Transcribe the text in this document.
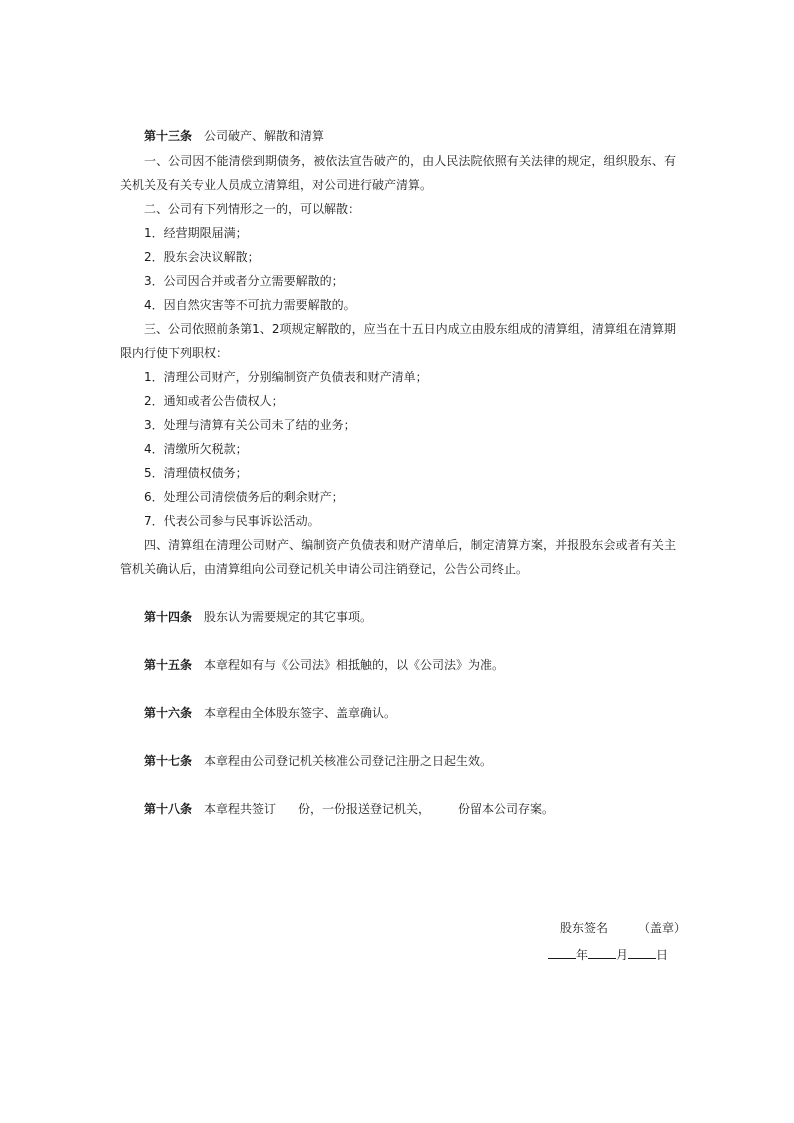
第十三条 公司破产、解散和清算
一、公司因不能清偿到期债务，被依法宣告破产的，由人民法院依照有关法律的规定，组织股东、有
关机关及有关专业人员成立清算组，对公司进行破产清算。
二、公司有下列情形之一的，可以解散：
1．经营期限届满；
2．股东会决议解散；
3．公司因合并或者分立需要解散的；
4．因自然灾害等不可抗力需要解散的。
三、公司依照前条第1、2项规定解散的，应当在十五日内成立由股东组成的清算组，清算组在清算期
限内行使下列职权：
1．清理公司财产，分别编制资产负债表和财产清单；
2．通知或者公告债权人；
3．处理与清算有关公司未了结的业务；
4．清缴所欠税款；
5．清理债权债务；
6．处理公司清偿债务后的剩余财产；
7．代表公司参与民事诉讼活动。
四、清算组在清理公司财产、编制资产负债表和财产清单后，制定清算方案，并报股东会或者有关主
管机关确认后，由清算组向公司登记机关申请公司注销登记，公告公司终止。
第十四条 股东认为需要规定的其它事项。
第十五条 本章程如有与《公司法》相抵触的，以《公司法》为准。
第十六条 本章程由全体股东签字、盖章确认。
第十七条 本章程由公司登记机关核准公司登记注册之日起生效。
第十八条 本章程共签订 份，一份报送登记机关， 份留本公司存案。
股东签名	（盖章）
年 月 日
